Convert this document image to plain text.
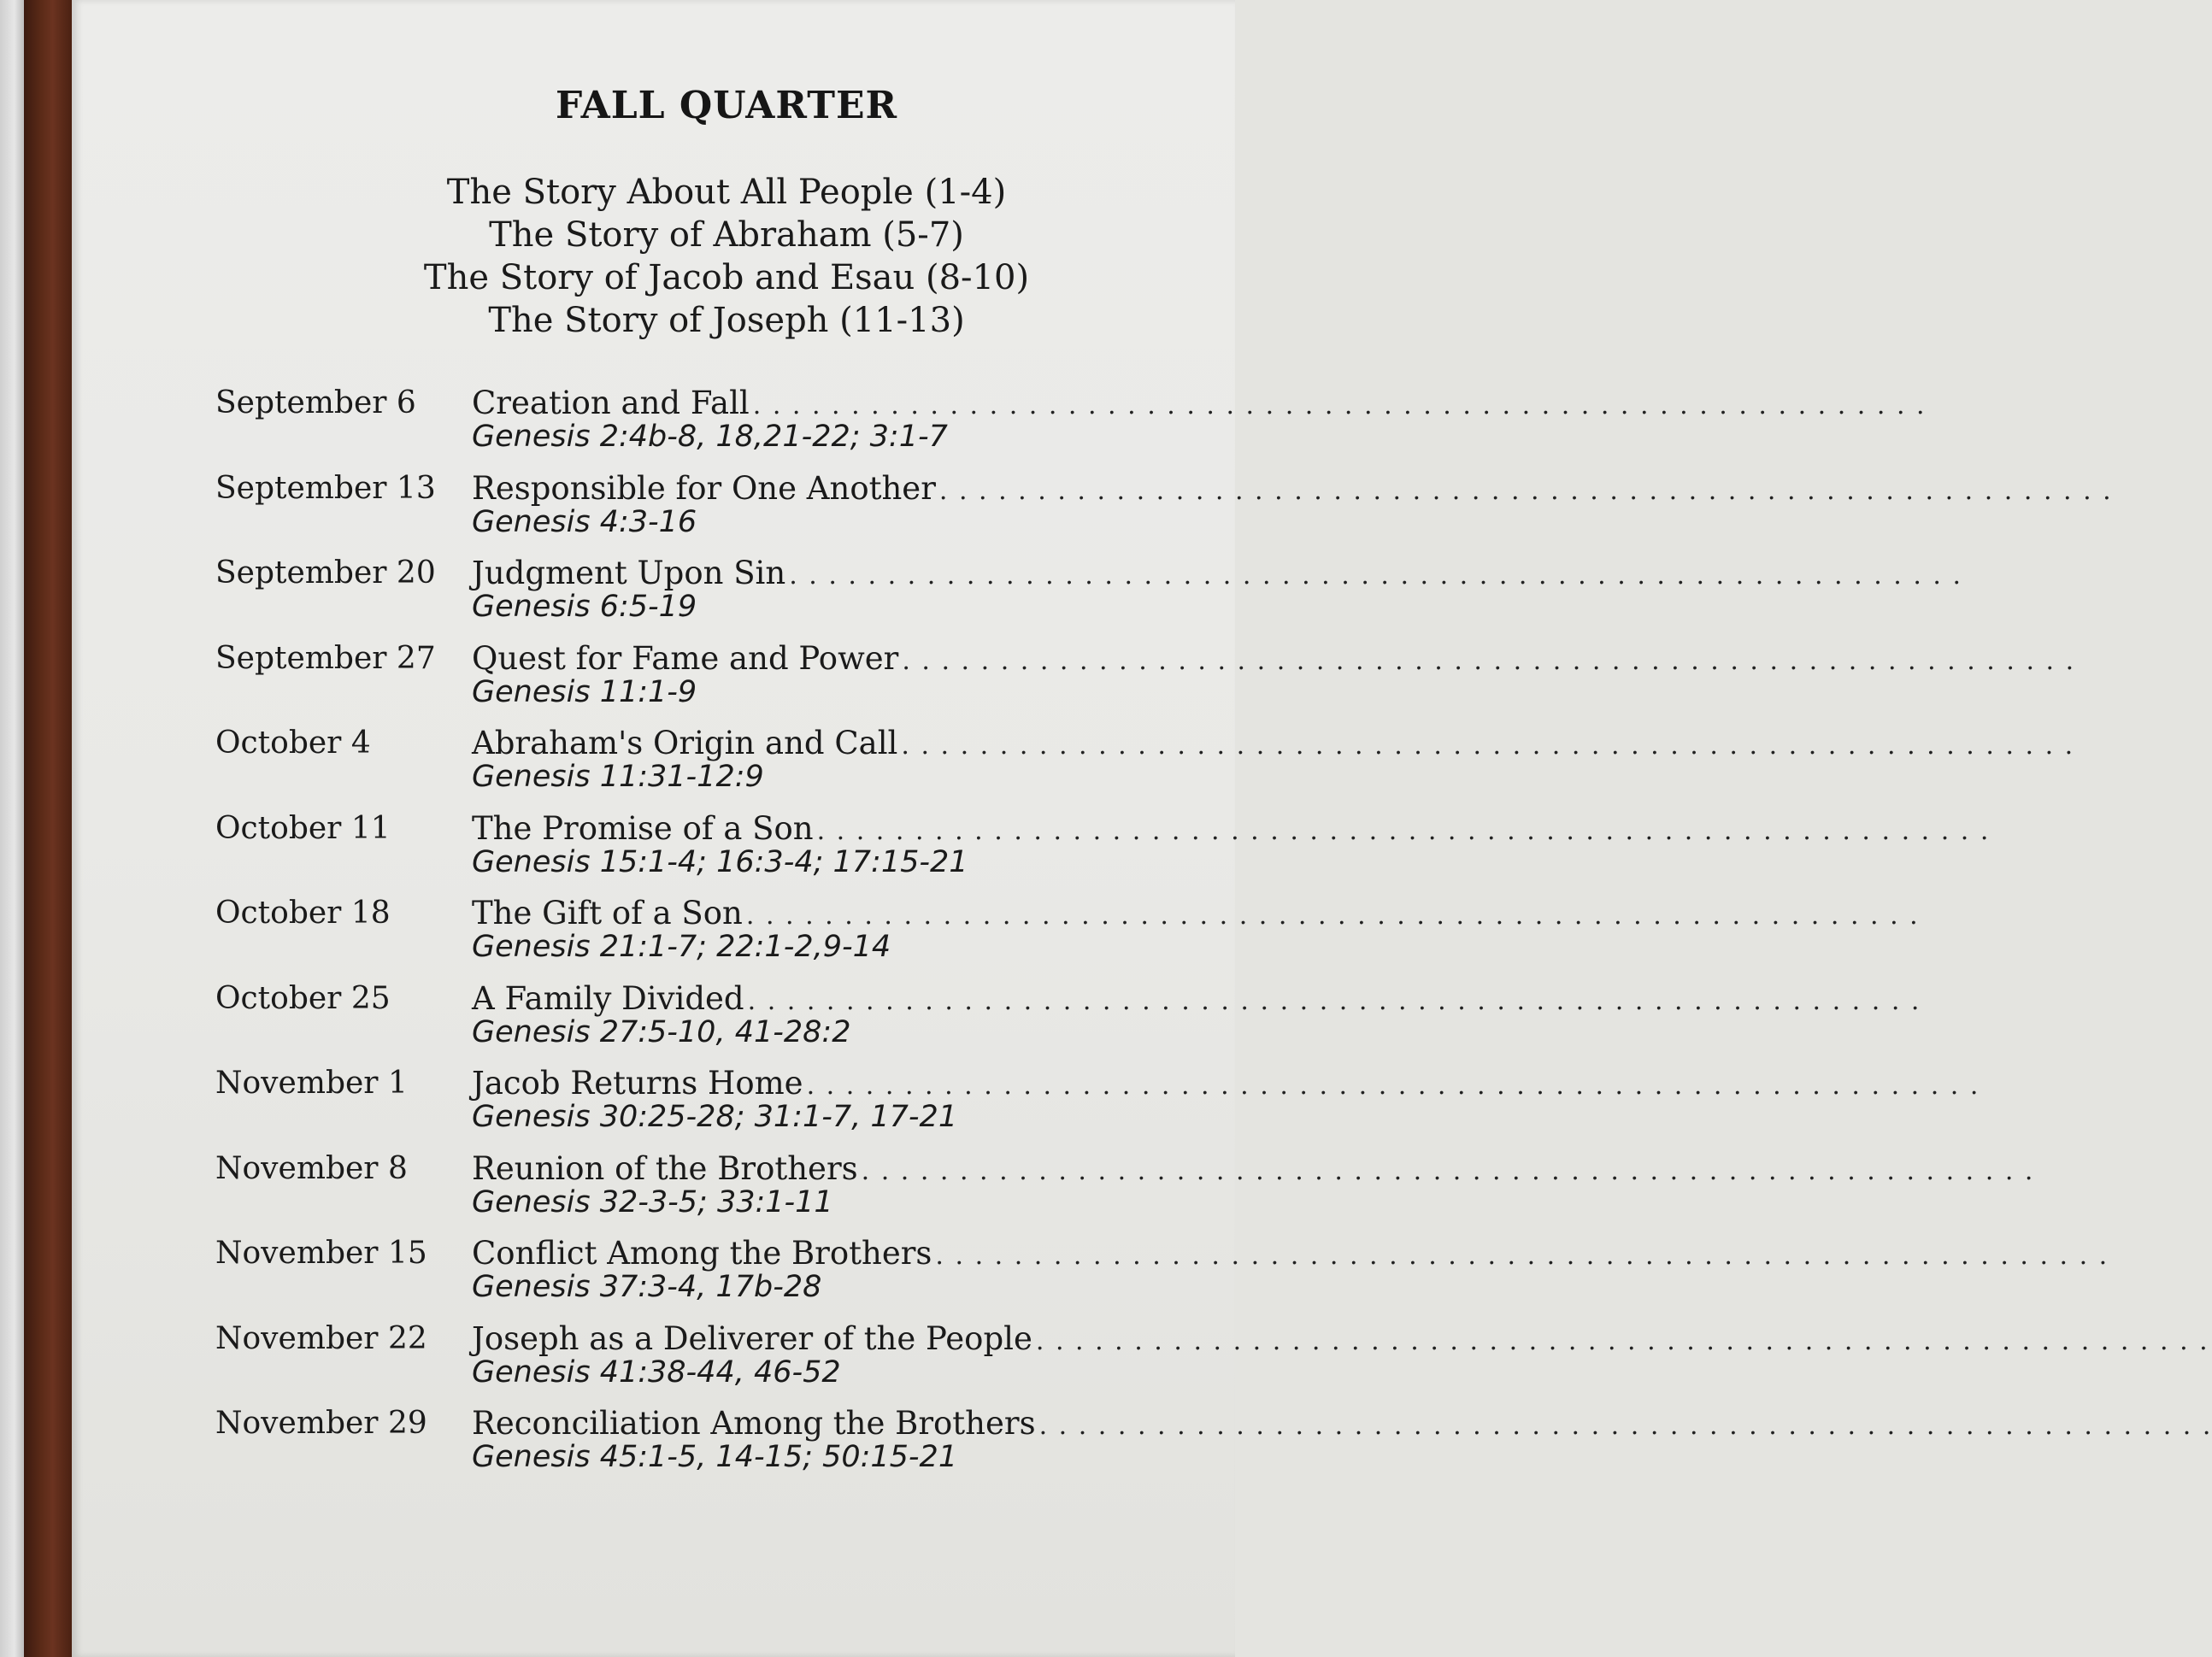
FALL QUARTER
The Story About All People (1-4)
The Story of Abraham (5-7)
The Story of Jacob and Esau (8-10)
The Story of Joseph (11-13)
September 6 Creation and Fall . . . . . . . . . . . . . . . . . . . . . . . . . . . . . . . . . . . . . . . . . . . . . . . . . . . . . . . . . . . .
Genesis 2:4b-8, 18,21-22; 3:1-7
September 13 Responsible for One Another . . . . . . . . . . . . . . . . . . . . . . . . . . . . . . . . . . . . . . . . . . . . . . . . . . . . . . . . . . . .
Genesis 4:3-16
September 20 Judgment Upon Sin . . . . . . . . . . . . . . . . . . . . . . . . . . . . . . . . . . . . . . . . . . . . . . . . . . . . . . . . . . . .
Genesis 6:5-19
September 27 Quest for Fame and Power . . . . . . . . . . . . . . . . . . . . . . . . . . . . . . . . . . . . . . . . . . . . . . . . . . . . . . . . . . . .
Genesis 11:1-9
October 4	Abraham's Origin and Call . . . . . . . . . . . . . . . . . . . . . . . . . . . . . . . . . . . . . . . . . . . . . . . . . . . . . . . . . . . .
Genesis 11:31-12:9
October 11	The Promise of a Son . . . . . . . . . . . . . . . . . . . . . . . . . . . . . . . . . . . . . . . . . . . . . . . . . . . . . . . . . . . .
Genesis 15:1-4; 16:3-4; 17:15-21
October 18	The Gift of a Son . . . . . . . . . . . . . . . . . . . . . . . . . . . . . . . . . . . . . . . . . . . . . . . . . . . . . . . . . . . .
Genesis 21:1-7; 22:1-2,9-14
October 25	A Family Divided . . . . . . . . . . . . . . . . . . . . . . . . . . . . . . . . . . . . . . . . . . . . . . . . . . . . . . . . . . . .
Genesis 27:5-10, 41-28:2
November 1 Jacob Returns Home . . . . . . . . . . . . . . . . . . . . . . . . . . . . . . . . . . . . . . . . . . . . . . . . . . . . . . . . . . . .
Genesis 30:25-28; 31:1-7, 17-21
November 8 Reunion of the Brothers . . . . . . . . . . . . . . . . . . . . . . . . . . . . . . . . . . . . . . . . . . . . . . . . . . . . . . . . . . . .
Genesis 32-3-5; 33:1-11
November 15 Conflict Among the Brothers . . . . . . . . . . . . . . . . . . . . . . . . . . . . . . . . . . . . . . . . . . . . . . . . . . . . . . . . . . . .
Genesis 37:3-4, 17b-28
November 22 Joseph as a Deliverer of the People . . . . . . . . . . . . . . . . . . . . . . . . . . . . . . . . . . . . . . . . . . . . . . . . . . . . . . . . . . . .
Genesis 41:38-44, 46-52
November 29 Reconciliation Among the Brothers . . . . . . . . . . . . . . . . . . . . . . . . . . . . . . . . . . . . . . . . . . . . . . . . . . . . . . . . . . . .
Genesis 45:1-5, 14-15; 50:15-21
